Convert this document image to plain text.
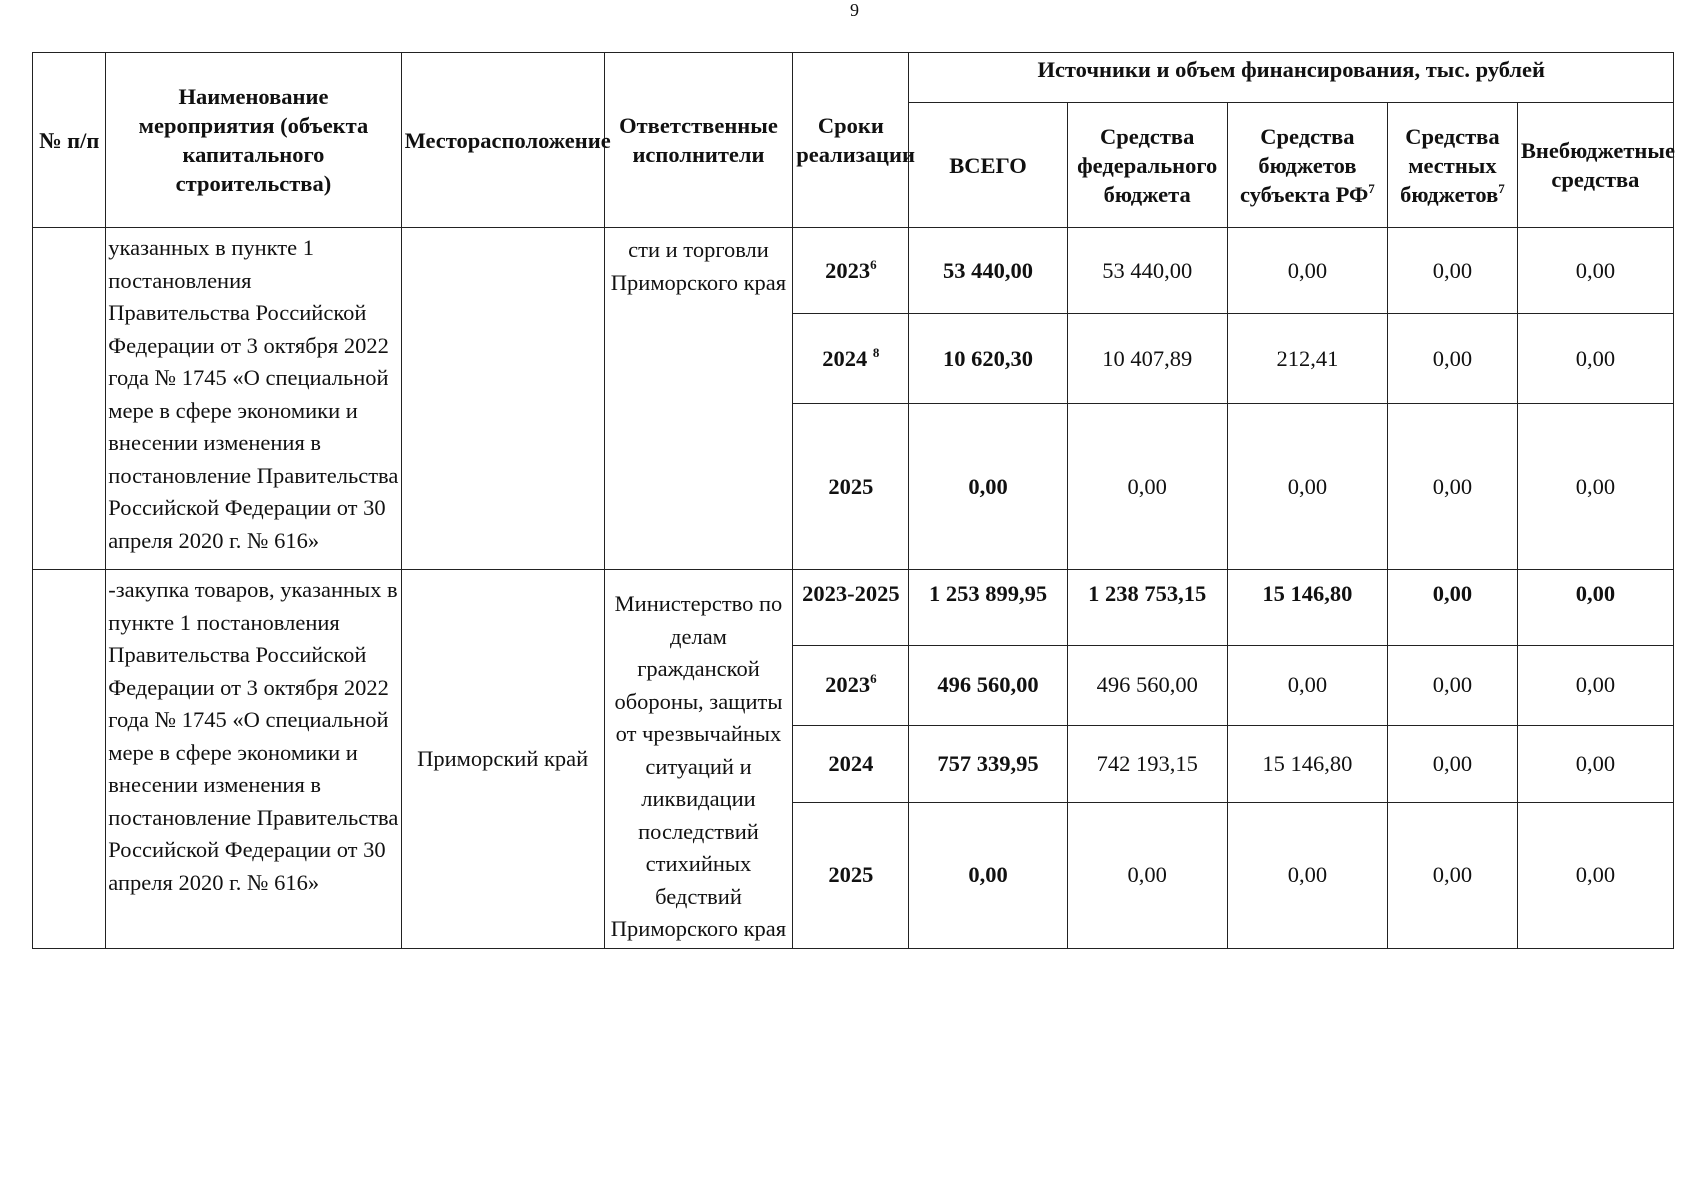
9
№ п/п	Наименование мероприятия (объекта капитального строительства)	Месторасположение	Ответственные исполнители	Сроки реализации	Источники и объем финансирования, тыс. рублей				
					ВСЕГО	Средства федерального бюджета	Средства бюджетов субъекта $РФ^7$	Средства местных бюджетов$^7$	Внебюджетные средства
	указанных в пункте 1 постановления Правительства Российской Федерации от 3 октября 2022 года № 1745 «О специальной мере в сфере экономики и внесении изменения в постановление Правительства Российской Федерации от 30 апреля 2020 г. № 616»		сти и торговли Приморского края	2023$^6$	53 440,00	53 440,00	0,00	0,00	0,00
				2024 $^8$	10 620,30	10 407,89	212,41	0,00	0,00
				2025	0,00	0,00	0,00	0,00	0,00
	-закупка товаров, указанных в пункте 1 постановления Правительства Российской Федерации от 3 октября 2022 года № 1745 «О специальной мере в сфере экономики и внесении изменения в постановление Правительства Российской Федерации от 30 апреля 2020 г. № 616»	Приморский край	Министерство по делам гражданской обороны, защиты от чрезвычайных ситуаций и ликвидации последствий стихийных бедствий Приморского края	2023-2025	1 253 899,95	1 238 753,15	15 146,80	0,00	0,00
				2023$^6$	496 560,00	496 560,00	0,00	0,00	0,00
				2024	757 339,95	742 193,15	15 146,80	0,00	0,00
				2025	0,00	0,00	0,00	0,00	0,00
